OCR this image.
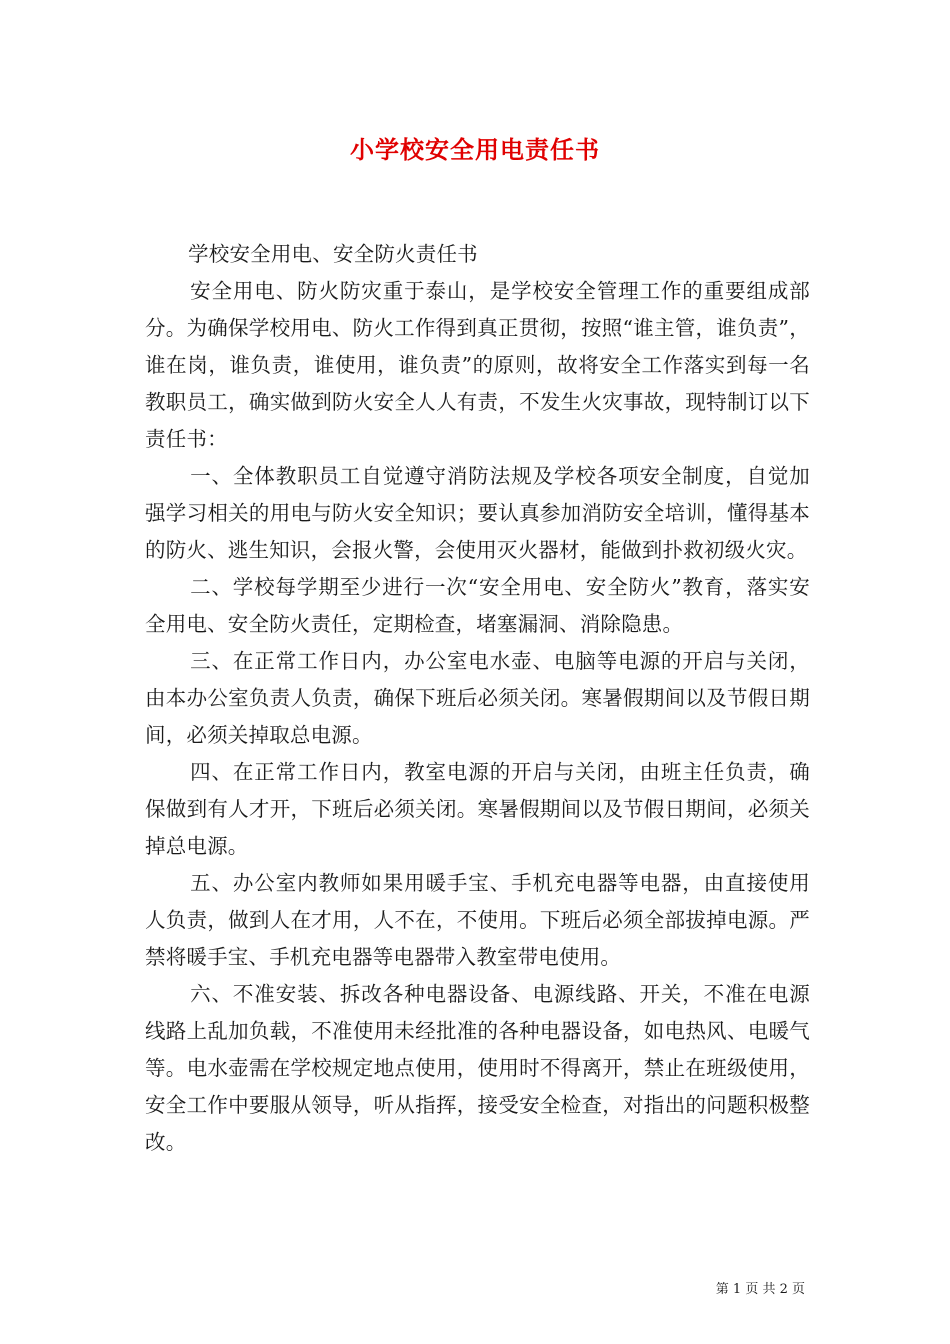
小学校安全用电责任书

学校安全用电、安全防火责任书

安全用电、防火防灾重于泰山，是学校安全管理工作的重要组成部分。为确保学校用电、防火工作得到真正贯彻，按照“谁主管，谁负责”，谁在岗，谁负责，谁使用，谁负责”的原则，故将安全工作落实到每一名教职员工，确实做到防火安全人人有责，不发生火灾事故，现特制订以下责任书：

一、全体教职员工自觉遵守消防法规及学校各项安全制度，自觉加强学习相关的用电与防火安全知识；要认真参加消防安全培训，懂得基本的防火、逃生知识，会报火警，会使用灭火器材，能做到扑救初级火灾。

二、学校每学期至少进行一次“安全用电、安全防火”教育，落实安全用电、安全防火责任，定期检查，堵塞漏洞、消除隐患。

三、在正常工作日内，办公室电水壶、电脑等电源的开启与关闭，由本办公室负责人负责，确保下班后必须关闭。寒暑假期间以及节假日期间，必须关掉取总电源。

四、在正常工作日内，教室电源的开启与关闭，由班主任负责，确保做到有人才开，下班后必须关闭。寒暑假期间以及节假日期间，必须关掉总电源。

五、办公室内教师如果用暖手宝、手机充电器等电器，由直接使用人负责，做到人在才用，人不在，不使用。下班后必须全部拔掉电源。严禁将暖手宝、手机充电器等电器带入教室带电使用。

六、不准安装、拆改各种电器设备、电源线路、开关，不准在电源线路上乱加负载，不准使用未经批准的各种电器设备，如电热风、电暖气等。电水壶需在学校规定地点使用，使用时不得离开，禁止在班级使用，安全工作中要服从领导，听从指挥，接受安全检查，对指出的问题积极整改。

第 1 页 共 2 页
